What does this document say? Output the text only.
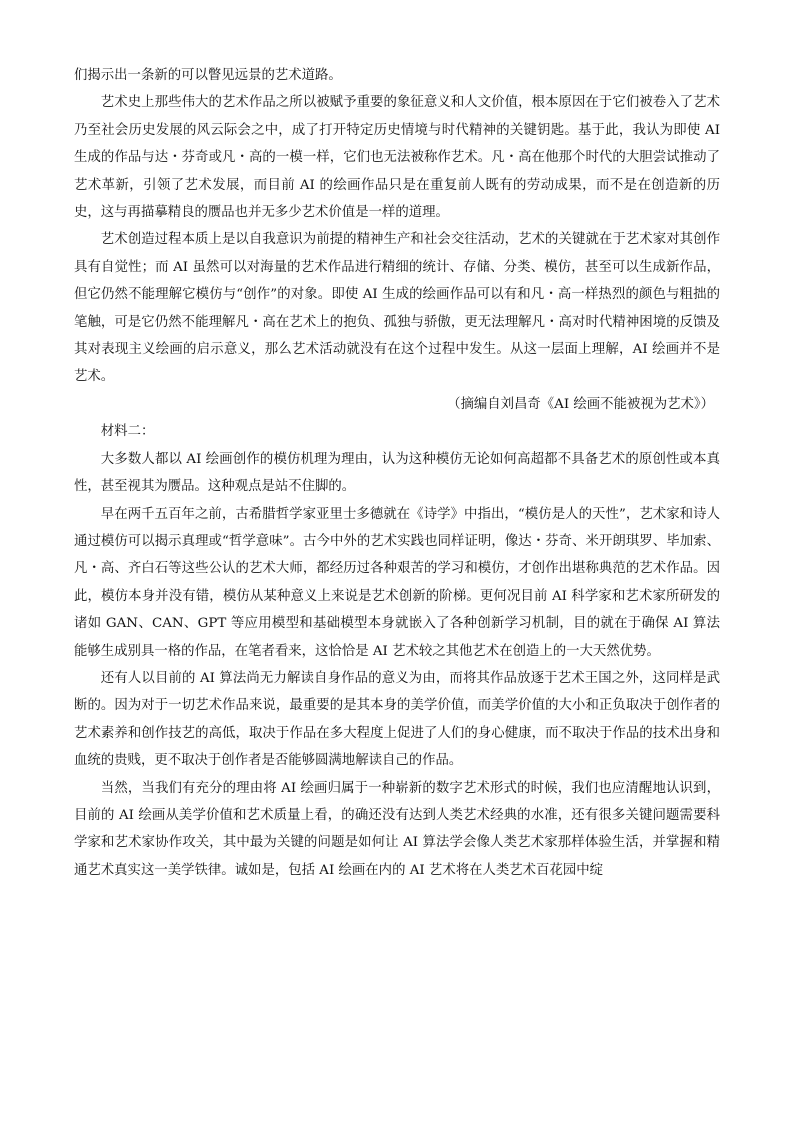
们揭示出一条新的可以瞥见远景的艺术道路。

艺术史上那些伟大的艺术作品之所以被赋予重要的象征意义和人文价值，根本原因在于它们被卷入了艺术乃至社会历史发展的风云际会之中，成了打开特定历史情境与时代精神的关键钥匙。基于此，我认为即使 AI 生成的作品与达・芬奇或凡・高的一模一样，它们也无法被称作艺术。凡・高在他那个时代的大胆尝试推动了艺术革新，引领了艺术发展，而目前 AI 的绘画作品只是在重复前人既有的劳动成果，而不是在创造新的历史，这与再描摹精良的赝品也并无多少艺术价值是一样的道理。

艺术创造过程本质上是以自我意识为前提的精神生产和社会交往活动，艺术的关键就在于艺术家对其创作具有自觉性；而 AI 虽然可以对海量的艺术作品进行精细的统计、存储、分类、模仿，甚至可以生成新作品，但它仍然不能理解它模仿与“创作”的对象。即使 AI 生成的绘画作品可以有和凡・高一样热烈的颜色与粗拙的笔触，可是它仍然不能理解凡・高在艺术上的抱负、孤独与骄傲，更无法理解凡・高对时代精神困境的反馈及其对表现主义绘画的启示意义，那么艺术活动就没有在这个过程中发生。从这一层面上理解，AI 绘画并不是艺术。

（摘编自刘昌奇《AI 绘画不能被视为艺术》）

材料二：

大多数人都以 AI 绘画创作的模仿机理为理由，认为这种模仿无论如何高超都不具备艺术的原创性或本真性，甚至视其为赝品。这种观点是站不住脚的。

早在两千五百年之前，古希腊哲学家亚里士多德就在《诗学》中指出，“模仿是人的天性”，艺术家和诗人通过模仿可以揭示真理或“哲学意味”。古今中外的艺术实践也同样证明，像达・芬奇、米开朗琪罗、毕加索、凡・高、齐白石等这些公认的艺术大师，都经历过各种艰苦的学习和模仿，才创作出堪称典范的艺术作品。因此，模仿本身并没有错，模仿从某种意义上来说是艺术创新的阶梯。更何况目前 AI 科学家和艺术家所研发的诸如 GAN、CAN、GPT 等应用模型和基础模型本身就嵌入了各种创新学习机制，目的就在于确保 AI 算法能够生成别具一格的作品，在笔者看来，这恰恰是 AI 艺术较之其他艺术在创造上的一大天然优势。

还有人以目前的 AI 算法尚无力解读自身作品的意义为由，而将其作品放逐于艺术王国之外，这同样是武断的。因为对于一切艺术作品来说，最重要的是其本身的美学价值，而美学价值的大小和正负取决于创作者的艺术素养和创作技艺的高低，取决于作品在多大程度上促进了人们的身心健康，而不取决于作品的技术出身和血统的贵贱，更不取决于创作者是否能够圆满地解读自己的作品。

当然，当我们有充分的理由将 AI 绘画归属于一种崭新的数字艺术形式的时候，我们也应清醒地认识到，目前的 AI 绘画从美学价值和艺术质量上看，的确还没有达到人类艺术经典的水准，还有很多关键问题需要科学家和艺术家协作攻关，其中最为关键的问题是如何让 AI 算法学会像人类艺术家那样体验生活，并掌握和精通艺术真实这一美学铁律。诚如是，包括 AI 绘画在内的 AI 艺术将在人类艺术百花园中绽
